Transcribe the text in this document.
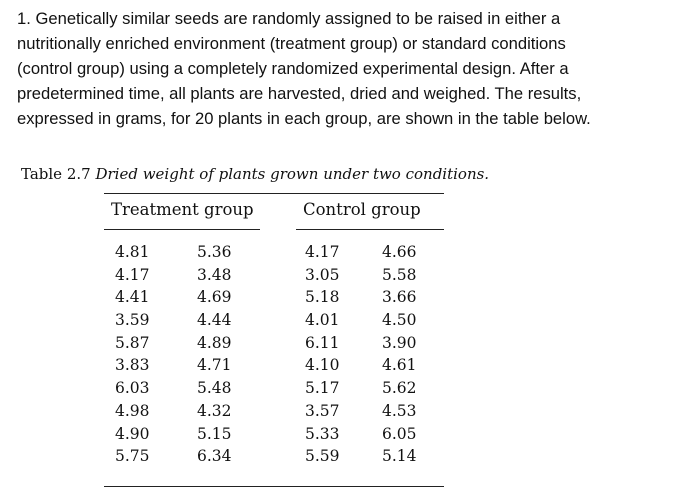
1. Genetically similar seeds are randomly assigned to be raised in either a

nutritionally enriched environment (treatment group) or standard conditions

(control group) using a completely randomized experimental design. After a

predetermined time, all plants are harvested, dried and weighed. The results,

expressed in grams, for 20 plants in each group, are shown in the table below.

Table 2.7 Dried weight of plants grown under two conditions.
Treatment group	Control group
4.81
4.17
4.41
3.59
5.87
3.83
6.03
4.98
4.90
5.75
5.36
3.48
4.69
4.44
4.89
4.71
5.48
4.32
5.15
6.34
4.17
3.05
5.18
4.01
6.11
4.10
5.17
3.57
5.33
5.59
4.66
5.58
3.66
4.50
3.90
4.61
5.62
4.53
6.05
5.14
